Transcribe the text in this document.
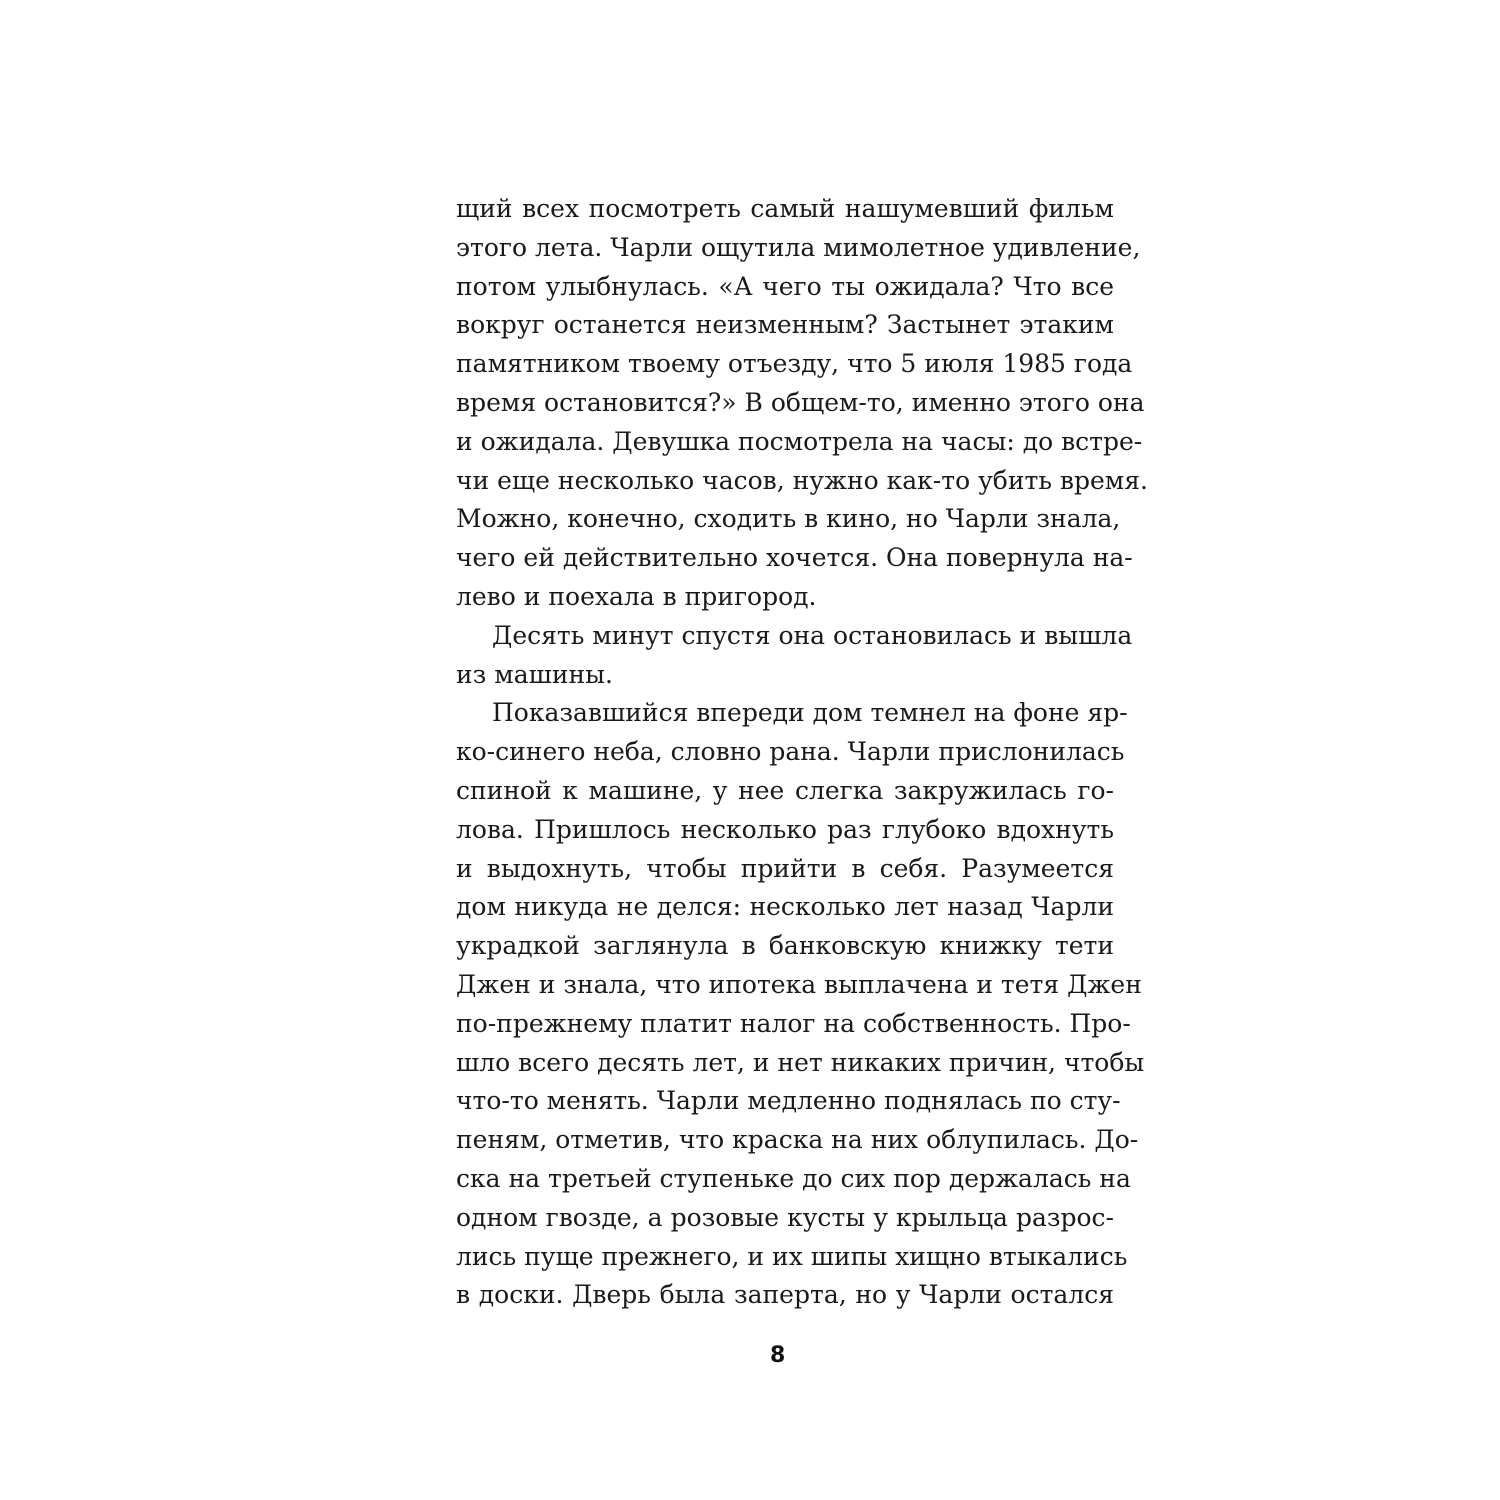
щий всех посмотреть самый нашумевший фильм
этого лета. Чарли ощутила мимолетное удивление,
потом улыбнулась. «А чего ты ожидала? Что все
вокруг останется неизменным? Застынет этаким
памятником твоему отъезду, что 5 июля 1985 года
время остановится?» В общем-то, именно этого она
и ожидала. Девушка посмотрела на часы: до встре-
чи еще несколько часов, нужно как-то убить время.
Можно, конечно, сходить в кино, но Чарли знала,
чего ей действительно хочется. Она повернула на-
лево и поехала в пригород.
Десять минут спустя она остановилась и вышла
из машины.
Показавшийся впереди дом темнел на фоне яр-
ко-синего неба, словно рана. Чарли прислонилась
спиной к машине, у нее слегка закружилась го-
лова. Пришлось несколько раз глубоко вдохнуть
и выдохнуть, чтобы прийти в себя. Разумеется
дом никуда не делся: несколько лет назад Чарли
украдкой заглянула в банковскую книжку тети
Джен и знала, что ипотека выплачена и тетя Джен
по-прежнему платит налог на собственность. Про-
шло всего десять лет, и нет никаких причин, чтобы
что-то менять. Чарли медленно поднялась по сту-
пеням, отметив, что краска на них облупилась. До-
ска на третьей ступеньке до сих пор держалась на
одном гвозде, а розовые кусты у крыльца разрос-
лись пуще прежнего, и их шипы хищно втыкались
в доски. Дверь была заперта, но у Чарли остался
8
